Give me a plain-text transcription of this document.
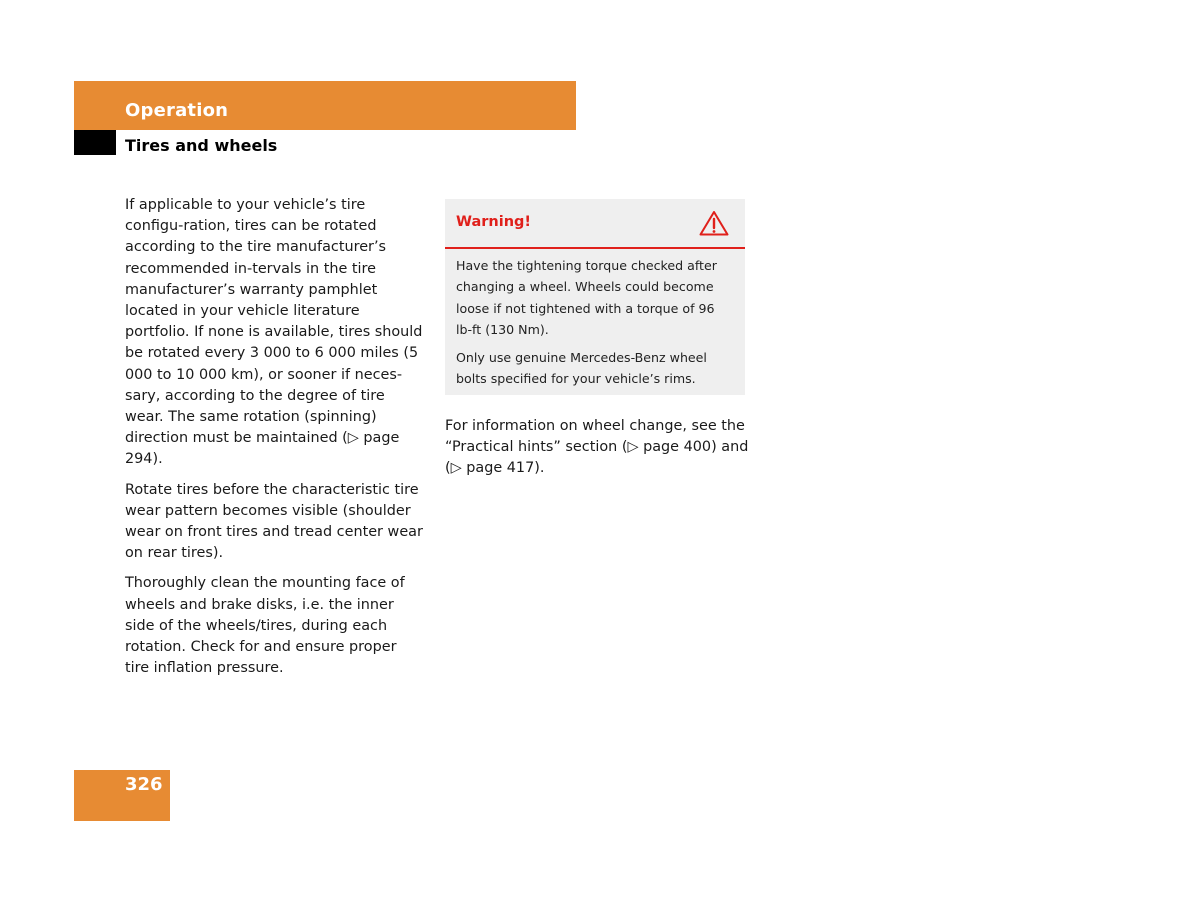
Operation
Tires and wheels

If applicable to your vehicle’s tire configu-ration, tires can be rotated according to the tire manufacturer’s recommended in-tervals in the tire manufacturer’s warranty pamphlet located in your vehicle literature portfolio. If none is available, tires should be rotated every 3 000 to 6 000 miles (5 000 to 10 000 km), or sooner if neces-sary, according to the degree of tire wear. The same rotation (spinning) direction must be maintained (▷ page 294).

Rotate tires before the characteristic tire wear pattern becomes visible (shoulder wear on front tires and tread center wear on rear tires).

Thoroughly clean the mounting face of wheels and brake disks, i.e. the inner side of the wheels/tires, during each rotation. Check for and ensure proper tire inflation pressure.

Warning!

Have the tightening torque checked after changing a wheel. Wheels could become loose if not tightened with a torque of 96 lb-ft (130 Nm).

Only use genuine Mercedes-Benz wheel bolts specified for your vehicle’s rims.

For information on wheel change, see the “Practical hints” section (▷ page 400) and (▷ page 417).

326
